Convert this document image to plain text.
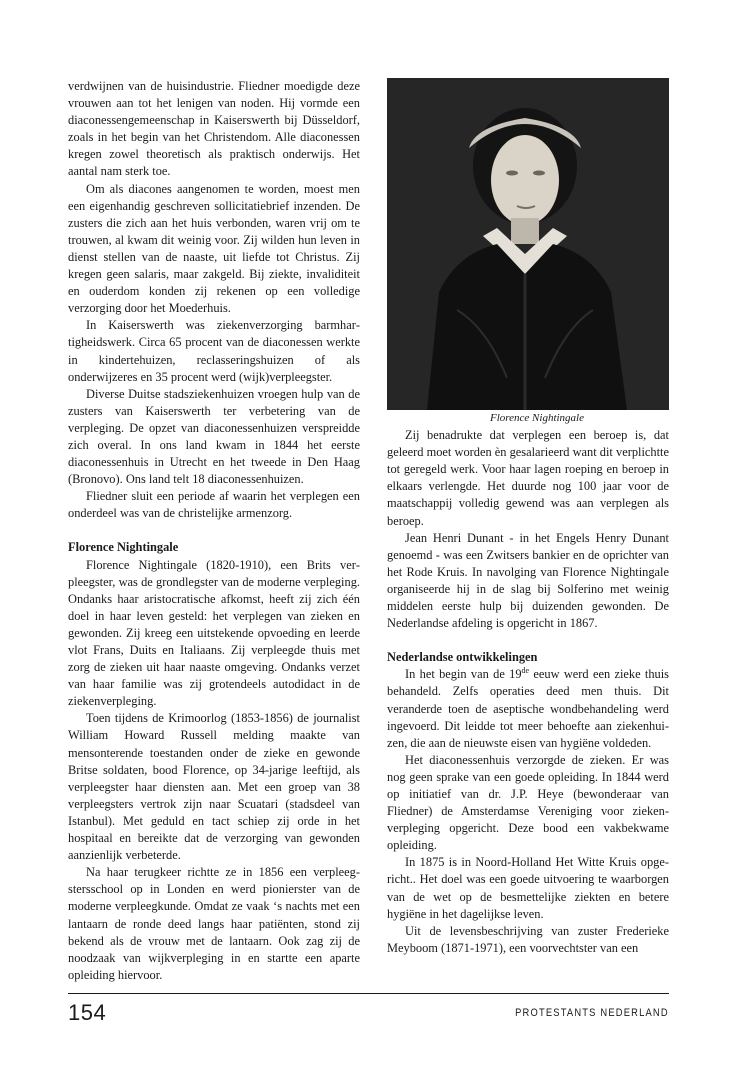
verdwijnen van de huisindustrie. Fliedner moedigde deze vrouwen aan tot het lenigen van noden. Hij vormde een diaconessengemeenschap in Kaiserswerth bij Düsseldorf, zoals in het begin van het Christendom. Alle diaconessen kregen zowel theoretisch als praktisch onderwijs. Het aantal nam sterk toe.

Om als diacones aangenomen te worden, moest men een eigenhandig geschreven sollicitatiebrief inzenden. De zusters die zich aan het huis verbonden, waren vrij om te trouwen, al kwam dit weinig voor. Zij wilden hun leven in dienst stellen van de naaste, uit liefde tot Christus. Zij kregen geen salaris, maar zakgeld. Bij ziekte, invaliditeit en ouderdom konden zij rekenen op een volledige verzorging door het Moederhuis.

In Kaiserswerth was ziekenverzorging barmhartigheidswerk. Circa 65 procent van de diaconessen werkte in kindertehuizen, reclasseringshuizen of als onderwijzeres en 35 procent werd (wijk)verpleegster.

Diverse Duitse stadsziekenhuizen vroegen hulp van de zusters van Kaiserswerth ter verbetering van de verpleging. De opzet van diaconessenhuizen verspreidde zich overal. In ons land kwam in 1844 het eerste diaconessenhuis in Utrecht en het tweede in Den Haag (Bronovo). Ons land telt 18 diaconessenhuizen.

Fliedner sluit een periode af waarin het verplegen een onderdeel was van de christelijke armenzorg.

Florence Nightingale

Florence Nightingale (1820-1910), een Brits verpleegster, was de grondlegster van de moderne verpleging. Ondanks haar aristocratische afkomst, heeft zij zich één doel in haar leven gesteld: het verplegen van zieken en gewonden. Zij kreeg een uitstekende opvoeding en leerde vlot Frans, Duits en Italiaans. Zij verpleegde thuis met zorg de zieken uit haar naaste omgeving. Ondanks verzet van haar familie was zij grotendeels autodidact in de ziekenverpleging.

Toen tijdens de Krimoorlog (1853-1856) de journalist William Howard Russell melding maakte van mensonterende toestanden onder de zieke en gewonde Britse soldaten, bood Florence, op 34-jarige leeftijd, als verpleegster haar diensten aan. Met een groep van 38 verpleegsters vertrok zijn naar Scuatari (stadsdeel van Istanbul). Met geduld en tact schiep zij orde in het hospitaal en bereikte dat de verzorging van gewonden aanzienlijk verbeterde.

Na haar terugkeer richtte ze in 1856 een verpleegstersschool op in Londen en werd pionierster van de moderne verpleegkunde. Omdat ze vaak ‘s nachts met een lantaarn de ronde deed langs haar patiënten, stond zij bekend als de vrouw met de lantaarn. Ook zag zij de noodzaak van wijkverpleging in en startte een aparte opleiding hiervoor.

Florence Nightingale

Zij benadrukte dat verplegen een beroep is, dat geleerd moet worden èn gesalarieerd want dit verplichtte tot geregeld werk. Voor haar lagen roeping en beroep in elkaars verlengde. Het duurde nog 100 jaar voor de maatschappij volledig gewend was aan verplegen als beroep.

Jean Henri Dunant - in het Engels Henry Dunant genoemd - was een Zwitsers bankier en de oprichter van het Rode Kruis. In navolging van Florence Nightingale organiseerde hij in de slag bij Solferino met weinig middelen eerste hulp bij duizenden gewonden. De Nederlandse afdeling is opgericht in 1867.

Nederlandse ontwikkelingen

In het begin van de 19de eeuw werd een zieke thuis behandeld. Zelfs operaties deed men thuis. Dit veranderde toen de aseptische wondbehandeling werd ingevoerd. Dit leidde tot meer behoefte aan ziekenhuizen, die aan de nieuwste eisen van hygiëne voldeden.

Het diaconessenhuis verzorgde de zieken. Er was nog geen sprake van een goede opleiding. In 1844 werd op initiatief van dr. J.P. Heye (bewonderaar van Fliedner) de Amsterdamse Vereniging voor ziekenverpleging opgericht. Deze bood een vakbekwame opleiding.

In 1875 is in Noord-Holland Het Witte Kruis opgericht.. Het doel was een goede uitvoering te waarborgen van de wet op de besmettelijke ziekten en betere hygiëne in het dagelijkse leven.

Uit de levensbeschrijving van zuster Frederieke Meyboom (1871-1971), een voorvechtster van een

154	PROTESTANTS NEDERLAND
